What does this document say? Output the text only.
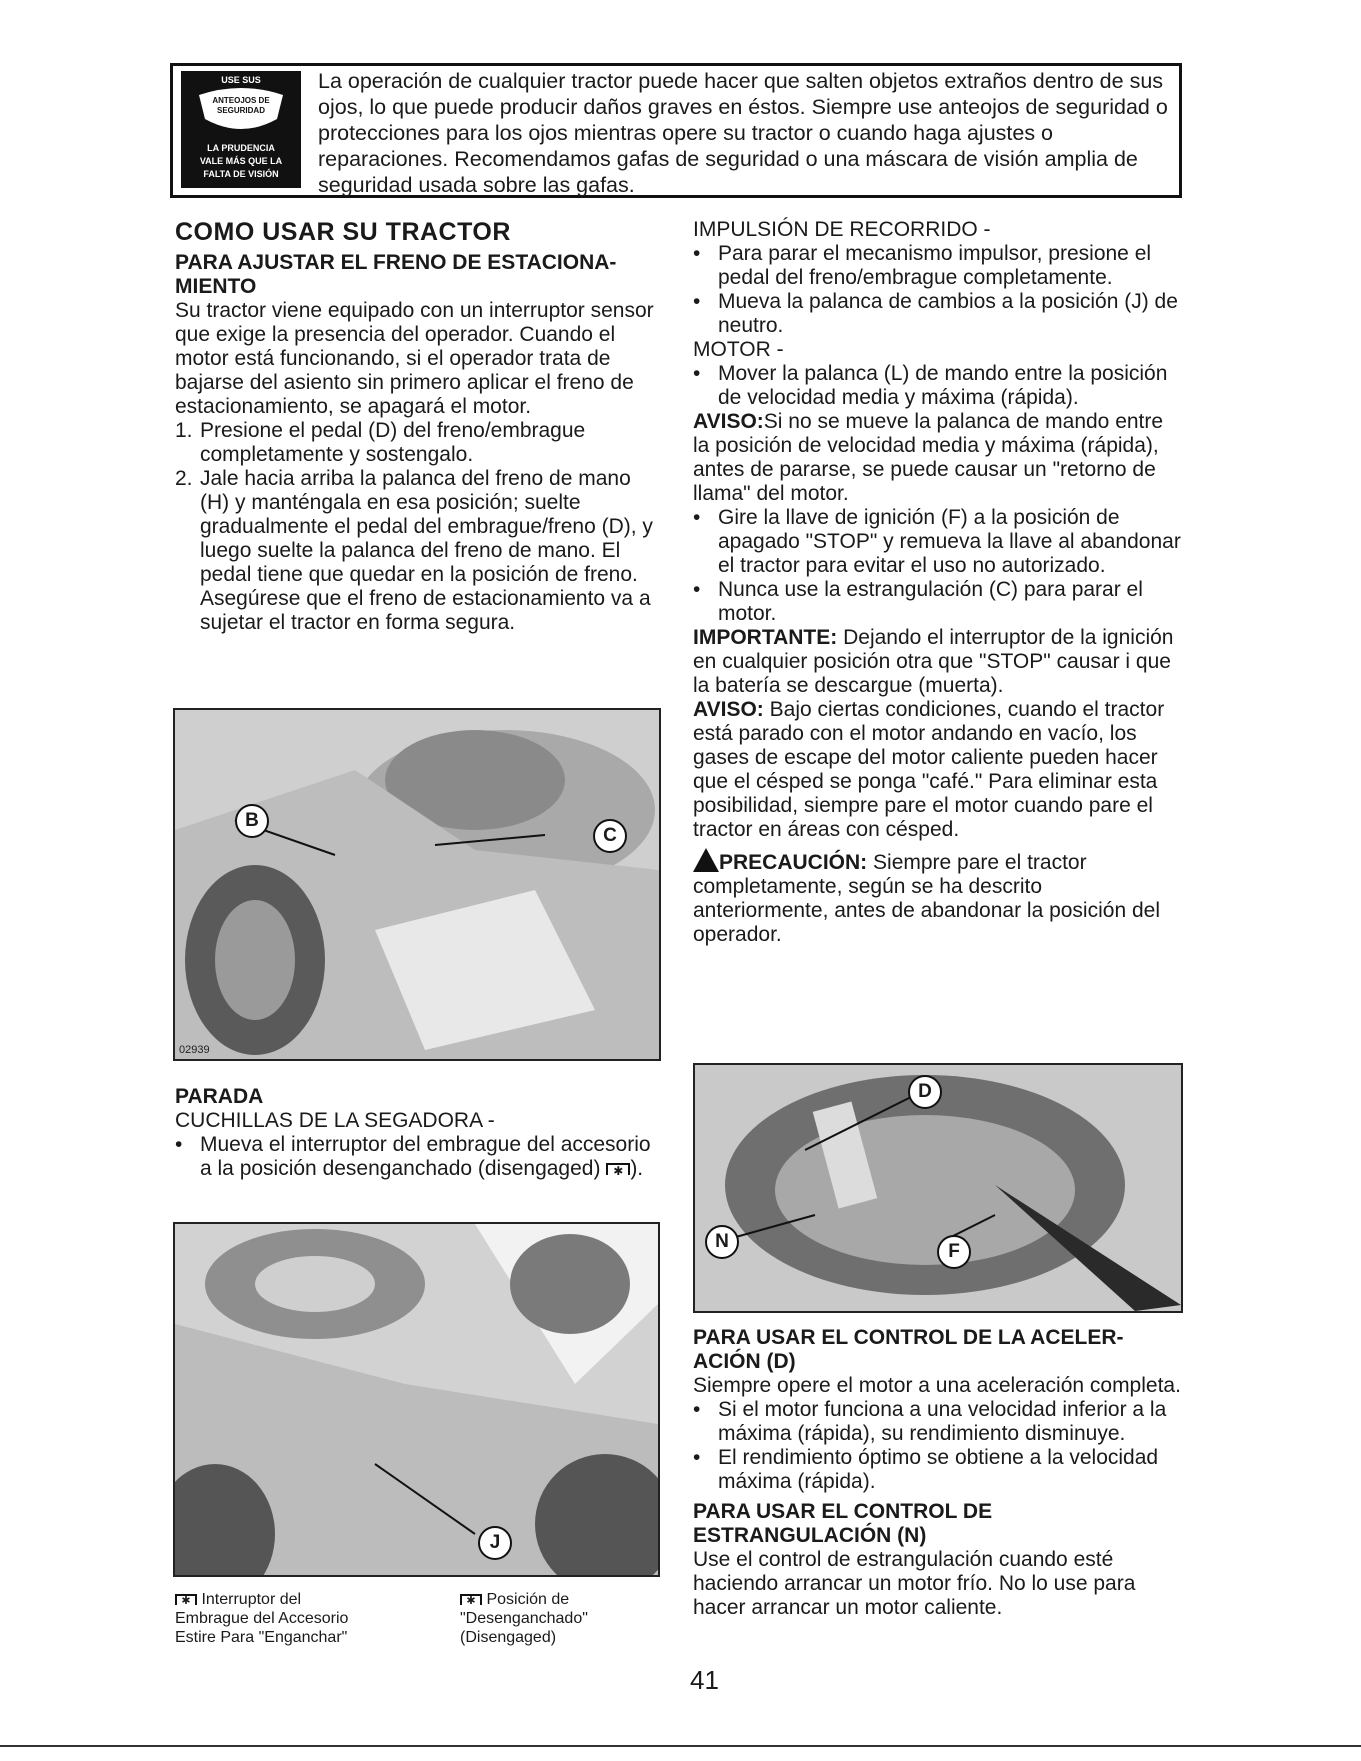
USE SUS
ANTEOJOS DE
SEGURIDAD
LA PRUDENCIA
VALE MÁS QUE LA
FALTA DE VISIÓN
La operación de cualquier tractor puede hacer que salten objetos extraños dentro de sus ojos, lo que puede producir daños graves en éstos. Siempre use anteojos de seguridad o protecciones para los ojos mientras opere su tractor o cuando haga ajustes o reparaciones. Recomendamos gafas de seguridad o una máscara de visión amplia de seguridad usada sobre las gafas.
COMO USAR SU TRACTOR
PARA AJUSTAR EL FRENO DE ESTACIONA-MIENTO

Su tractor viene equipado con un interruptor sensor que exige la presencia del operador. Cuando el motor está funcionando, si el operador trata de bajarse del asiento sin primero aplicar el freno de estacionamiento, se apagará el motor.

1. Presione el pedal (D) del freno/embrague completamente y sostengalo.
2. Jale hacia arriba la palanca del freno de mano (H) y manténgala en esa posición; suelte gradualmente el pedal del embrague/freno (D), y luego suelte la palanca del freno de mano. El pedal tiene que quedar en la posición de freno. Asegúrese que el freno de estacionamiento va a sujetar el tractor en forma segura.
B
C
02939
PARADA

CUCHILLAS DE LA SEGADORA -

• Mueva el interruptor del embrague del accesorio a la posición desenganchado (disengaged) ✱ ).
J
✱ Interruptor del
Embrague del Accesorio
Estire Para "Enganchar"
✱ Posición de
"Desenganchado"
(Disengaged)

IMPULSIÓN DE RECORRIDO -

• Para parar el mecanismo impulsor, presione el pedal del freno/embrague completamente.
• Mueva la palanca de cambios a la posición (J) de neutro.

MOTOR -

• Mover la palanca (L) de mando entre la posición de velocidad media y máxima (rápida).

AVISO:Si no se mueve la palanca de mando entre la posición de velocidad media y máxima (rápida), antes de pararse, se puede causar un "retorno de llama" del motor.

• Gire la llave de ignición (F) a la posición de apagado "STOP" y remueva la llave al abandonar el tractor para evitar el uso no autorizado.
• Nunca use la estrangulación (C) para parar el motor.

IMPORTANTE: Dejando el interruptor de la ignición en cualquier posición otra que "STOP" causar i que la batería se descargue (muerta).

AVISO: Bajo ciertas condiciones, cuando el tractor está parado con el motor andando en vacío, los gases de escape del motor caliente pueden hacer que el césped se ponga "café." Para eliminar esta posibilidad, siempre pare el motor cuando pare el tractor en áreas con césped.

PRECAUCIÓN: Siempre pare el tractor completamente, según se ha descrito anteriormente, antes de abandonar la posición del operador.

D
N	F
PARA USAR EL CONTROL DE LA ACELER-ACIÓN (D)

Siempre opere el motor a una aceleración completa.

• Si el motor funciona a una velocidad inferior a la máxima (rápida), su rendimiento disminuye.
• El rendimiento óptimo se obtiene a la velocidad máxima (rápida).
PARA USAR EL CONTROL DE ESTRANGULACIÓN (N)

Use el control de estrangulación cuando esté haciendo arrancar un motor frío. No lo use para hacer arrancar un motor caliente.

41
